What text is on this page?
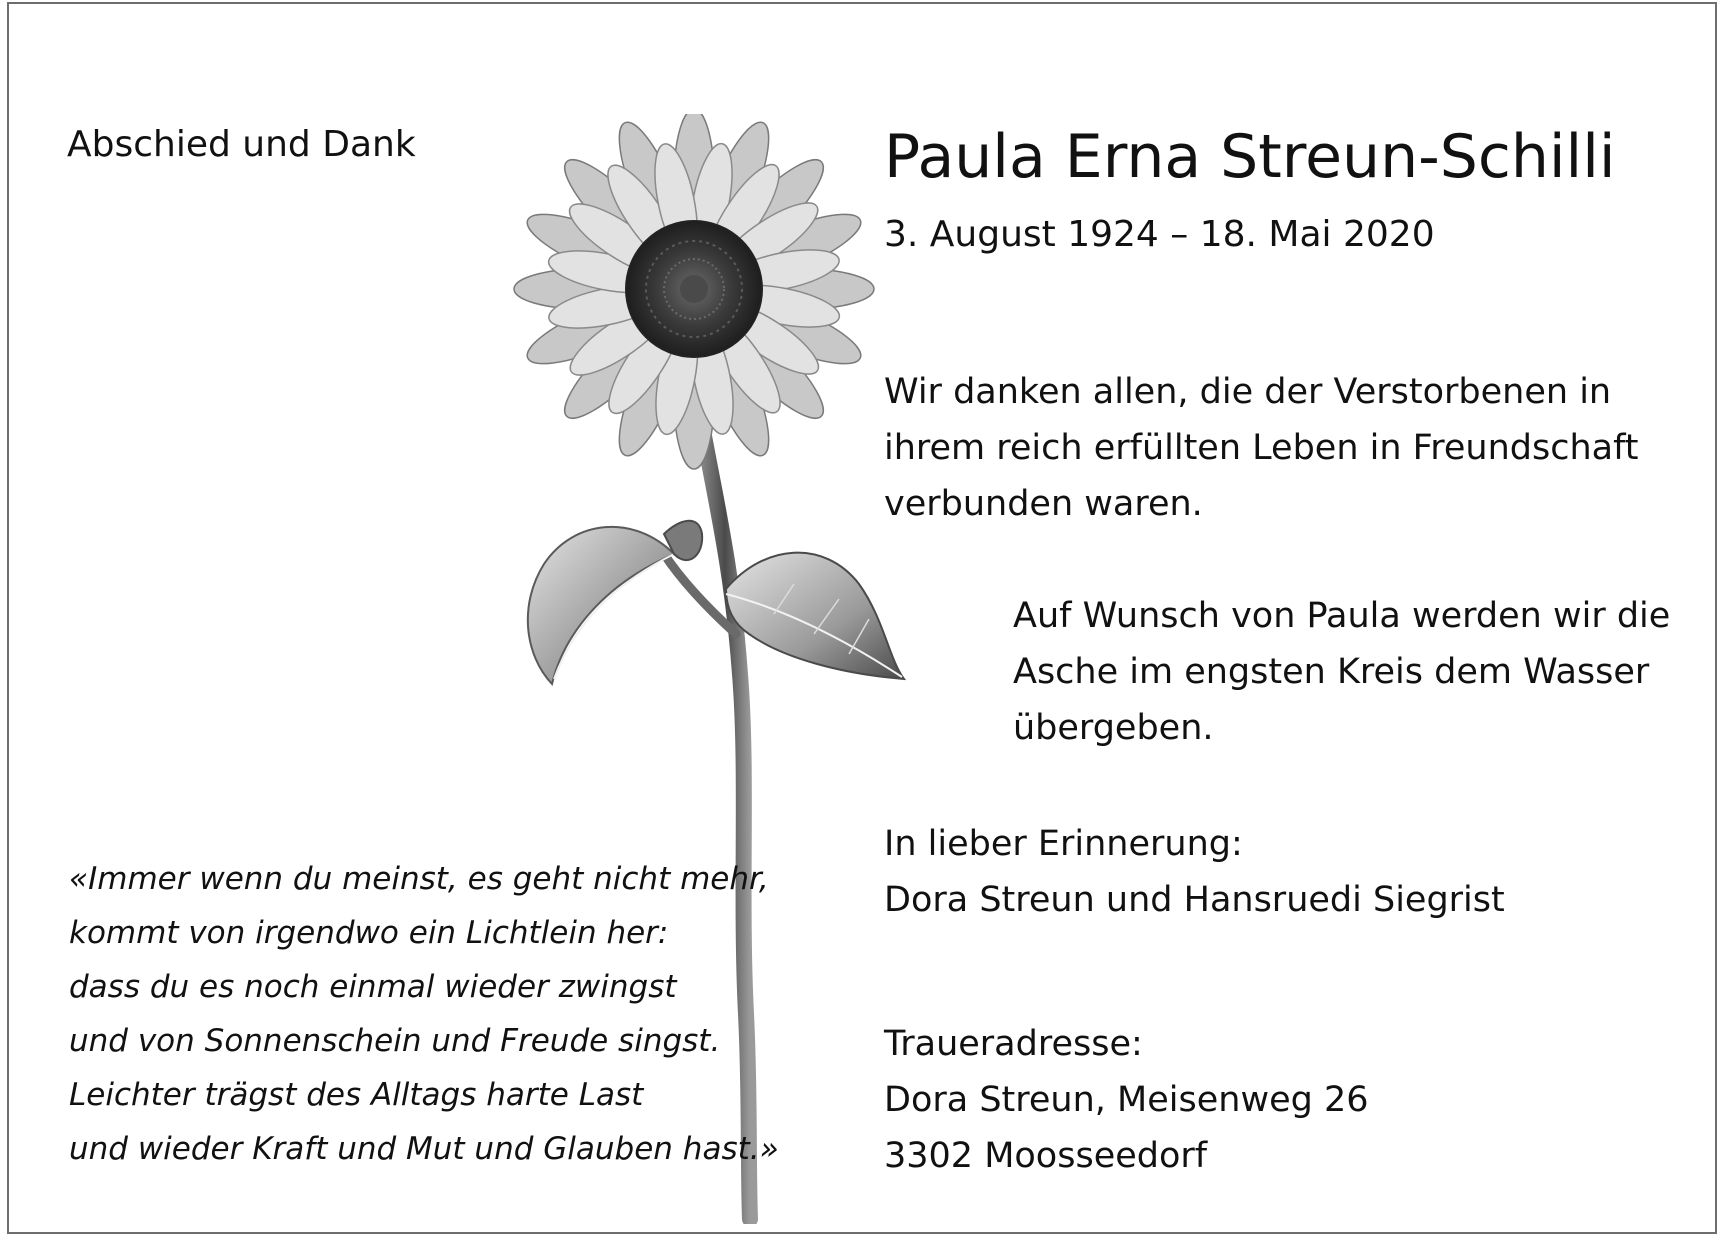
Abschied und Dank	Paula Erna Streun-Schilli
3. August 1924 – 18. Mai 2020
Wir danken allen, die der Verstorbenen in
ihrem reich erfüllten Leben in Freundschaft
verbunden waren.
Auf Wunsch von Paula werden wir die
Asche im engsten Kreis dem Wasser
übergeben.
In lieber Erinnerung:
Dora Streun und Hansruedi Siegrist
Traueradresse:
Dora Streun, Meisenweg 26
3302 Moosseedorf
«Immer wenn du meinst, es geht nicht mehr,
kommt von irgendwo ein Lichtlein her:
dass du es noch einmal wieder zwingst
und von Sonnenschein und Freude singst.
Leichter trägst des Alltags harte Last
und wieder Kraft und Mut und Glauben hast.»
